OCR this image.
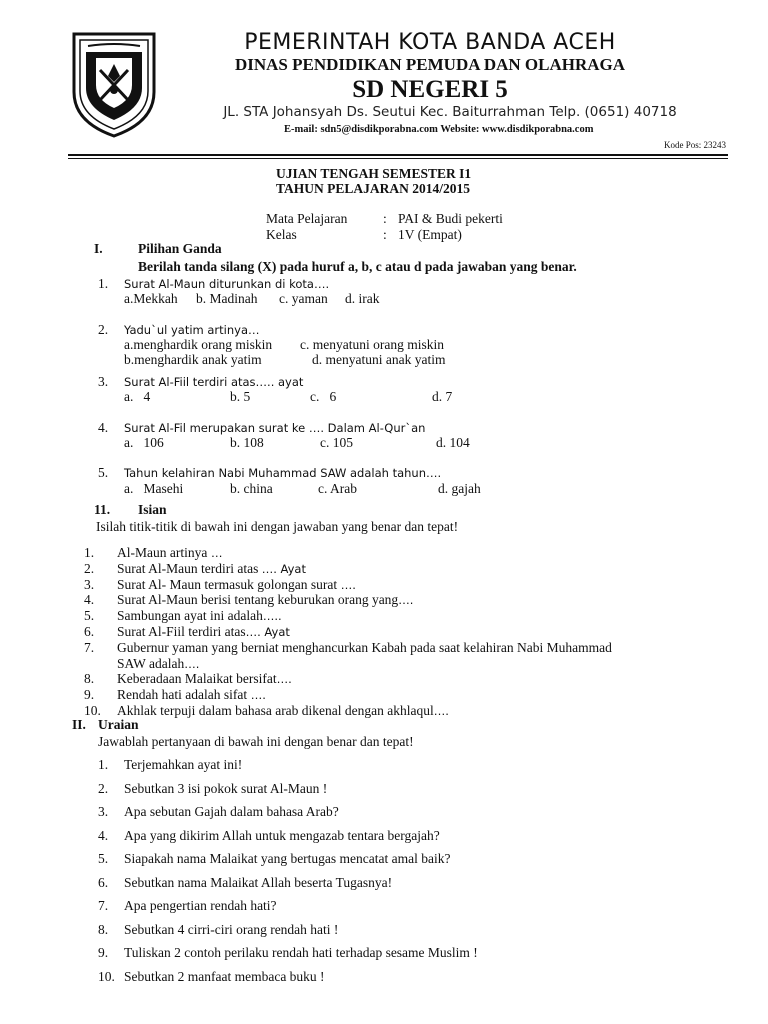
PEMERINTAH KOTA BANDA ACEH
DINAS PENDIDIKAN PEMUDA DAN OLAHRAGA
SD NEGERI 5
JL. STA Johansyah Ds. Seutui Kec. Baiturrahman Telp. (0651) 40718
E-mail: sdn5@disdikporabna.com Website: www.disdikporabna.com
Kode Pos: 23243
UJIAN TENGAH SEMESTER I1
TAHUN PELAJARAN 2014/2015
Mata Pelajaran	: PAI & Budi pekerti
Kelas	: 1V (Empat)
I.	Pilihan Ganda
Berilah tanda silang (X) pada huruf a, b, c atau d pada jawaban yang benar.
1. Surat Al-Maun diturunkan di kota….
a.Mekkah b. Madinah c. yaman d. irak
2. Yadu`ul yatim artinya…
a.menghardik orang miskin c. menyatuni orang miskin
b.menghardik anak yatim	d. menyatuni anak yatim
3. Surat Al-Fiil terdiri atas….. ayat
a.   4	b. 5	c.   6	d. 7
4. Surat Al-Fil merupakan surat ke …. Dalam Al-Qur`an
a.   106	b. 108	c. 105	d. 104
5. Tahun kelahiran Nabi Muhammad SAW adalah tahun….
a.   Masehi	b. china	c. Arab	d. gajah
11. Isian
Isilah titik-titik di bawah ini dengan jawaban yang benar dan tepat!
1. Al-Maun artinya …
2. Surat Al-Maun terdiri atas …. Ayat
3. Surat Al- Maun termasuk golongan surat ….
4. Surat Al-Maun berisi tentang keburukan orang yang….
5. Sambungan ayat ini adalah…..
6. Surat Al-Fiil terdiri atas…. Ayat
7. Gubernur yaman yang berniat menghancurkan Kabah pada saat kelahiran Nabi Muhammad
SAW adalah….
8. Keberadaan Malaikat bersifat….
9. Rendah hati adalah sifat ….
10. Akhlak terpuji dalam bahasa arab dikenal dengan akhlaqul….
II. Uraian
Jawablah pertanyaan di bawah ini dengan benar dan tepat!
1. Terjemahkan ayat ini!
2. Sebutkan 3 isi pokok surat Al-Maun !
3. Apa sebutan Gajah dalam bahasa Arab?
4. Apa yang dikirim Allah untuk mengazab tentara bergajah?
5. Siapakah nama Malaikat yang bertugas mencatat amal baik?
6. Sebutkan nama Malaikat Allah beserta Tugasnya!
7. Apa pengertian rendah hati?
8. Sebutkan 4 cirri-ciri orang rendah hati !
9. Tuliskan 2 contoh perilaku rendah hati terhadap sesame Muslim !
10. Sebutkan 2 manfaat membaca buku !
